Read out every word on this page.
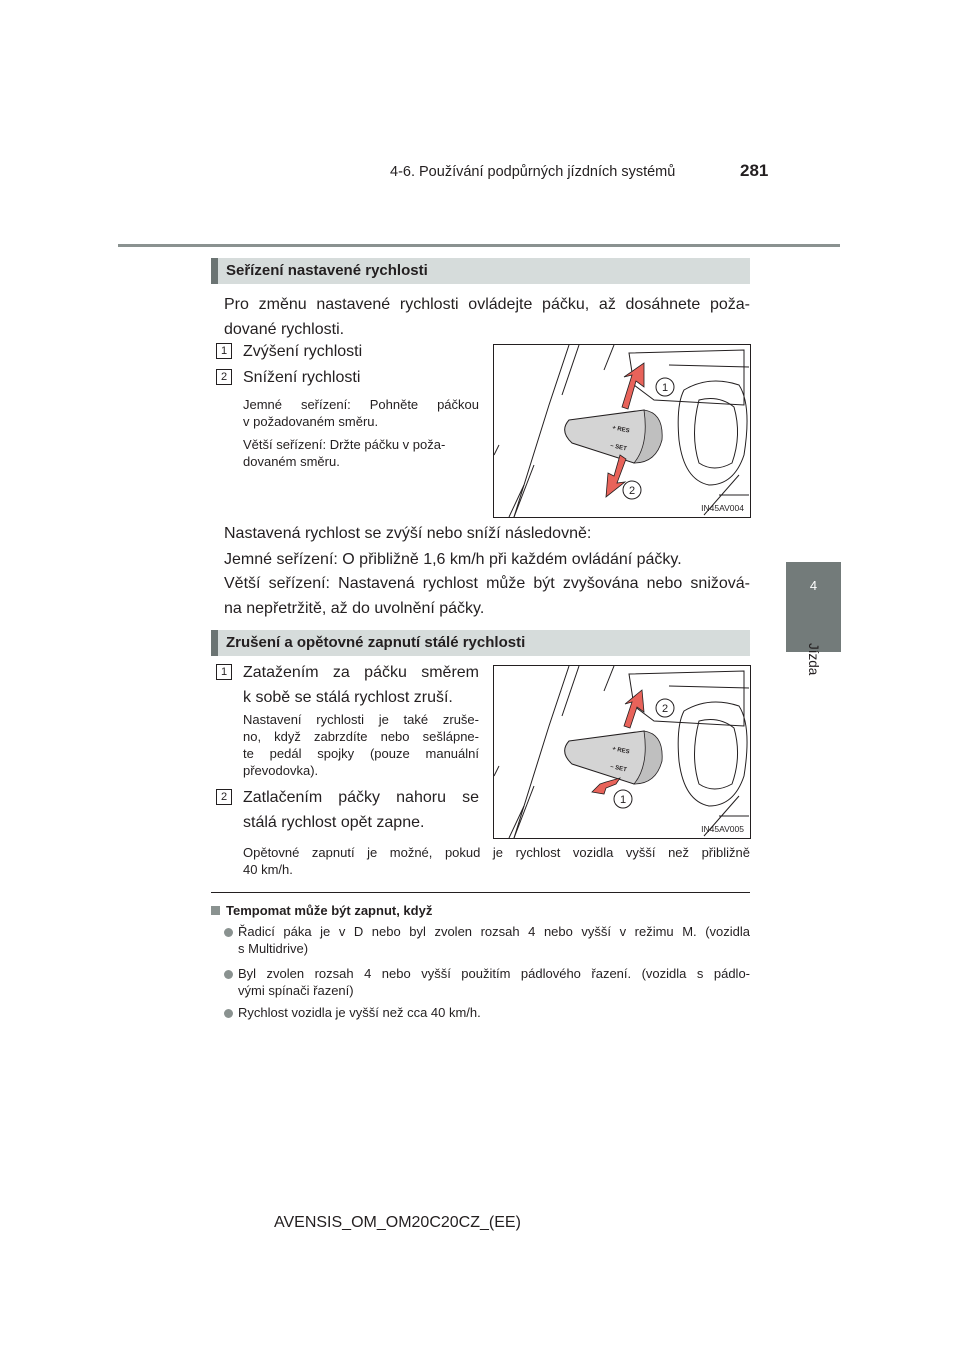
4-6. Používání podpůrných jízdních systémů	281
4
Jízda
Seřízení nastavené rychlosti
Pro změnu nastavené rychlosti ovládejte páčku, až dosáhnete poža-
dované rychlosti.
1 Zvýšení rychlosti
2 Snížení rychlosti
Jemné seřízení: Pohněte páčkou
v požadovaném směru.
Větší seřízení: Držte páčku v poža-
dovaném směru.
+ RES
– SET
1
2
IN45AV004
Nastavená rychlost se zvýší nebo sníží následovně:
Jemné seřízení: O přibližně 1,6 km/h při každém ovládání páčky.
Větší seřízení: Nastavená rychlost může být zvyšována nebo snižová-
na nepřetržitě, až do uvolnění páčky.
Zrušení a opětovné zapnutí stálé rychlosti
1 Zatažením za páčku směrem
k sobě se stálá rychlost zruší.
Nastavení rychlosti je také zruše-
no, když zabrzdíte nebo sešlápne-
te pedál spojky (pouze manuální
převodovka).
2 Zatlačením páčky nahoru se
stálá rychlost opět zapne.
+ RES
– SET
2
1
IN45AV005
Opětovné zapnutí je možné, pokud je rychlost vozidla vyšší než přibližně
40 km/h.
Tempomat může být zapnut, když
Řadicí páka je v D nebo byl zvolen rozsah 4 nebo vyšší v režimu M. (vozidla
s Multidrive)
Byl zvolen rozsah 4 nebo vyšší použitím pádlového řazení. (vozidla s pádlo-
vými spínači řazení)
Rychlost vozidla je vyšší než cca 40 km/h.
AVENSIS_OM_OM20C20CZ_(EE)
